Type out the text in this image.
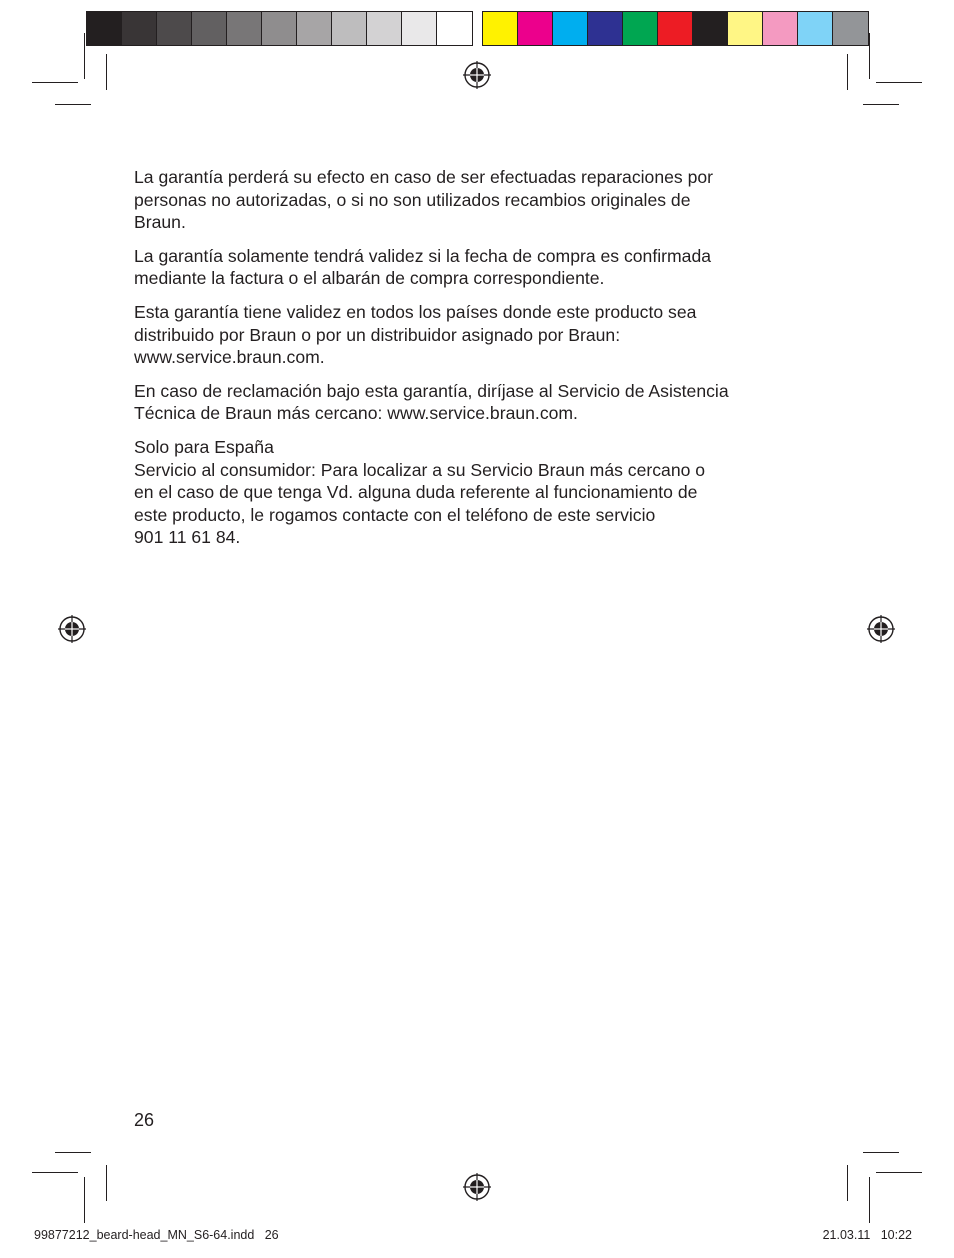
La garantía perderá su efecto en caso de ser efectuadas reparaciones por
personas no autorizadas, o si no son utilizados recambios originales de
Braun.

La garantía solamente tendrá validez si la fecha de compra es confirmada
mediante la factura o el albarán de compra correspondiente.

Esta garantía tiene validez en todos los países donde este producto sea
distribuido por Braun o por un distribuidor asignado por Braun:
www.service.braun.com.

En caso de reclamación bajo esta garantía, diríjase al Servicio de Asistencia
Técnica de Braun más cercano: www.service.braun.com.

Solo para España
Servicio al consumidor: Para localizar a su Servicio Braun más cercano o
en el caso de que tenga Vd. alguna duda referente al funcionamiento de
este producto, le rogamos contacte con el teléfono de este servicio
901 11 61 84.

26
99877212_beard-head_MN_S6-64.indd   26	21.03.11   10:22
